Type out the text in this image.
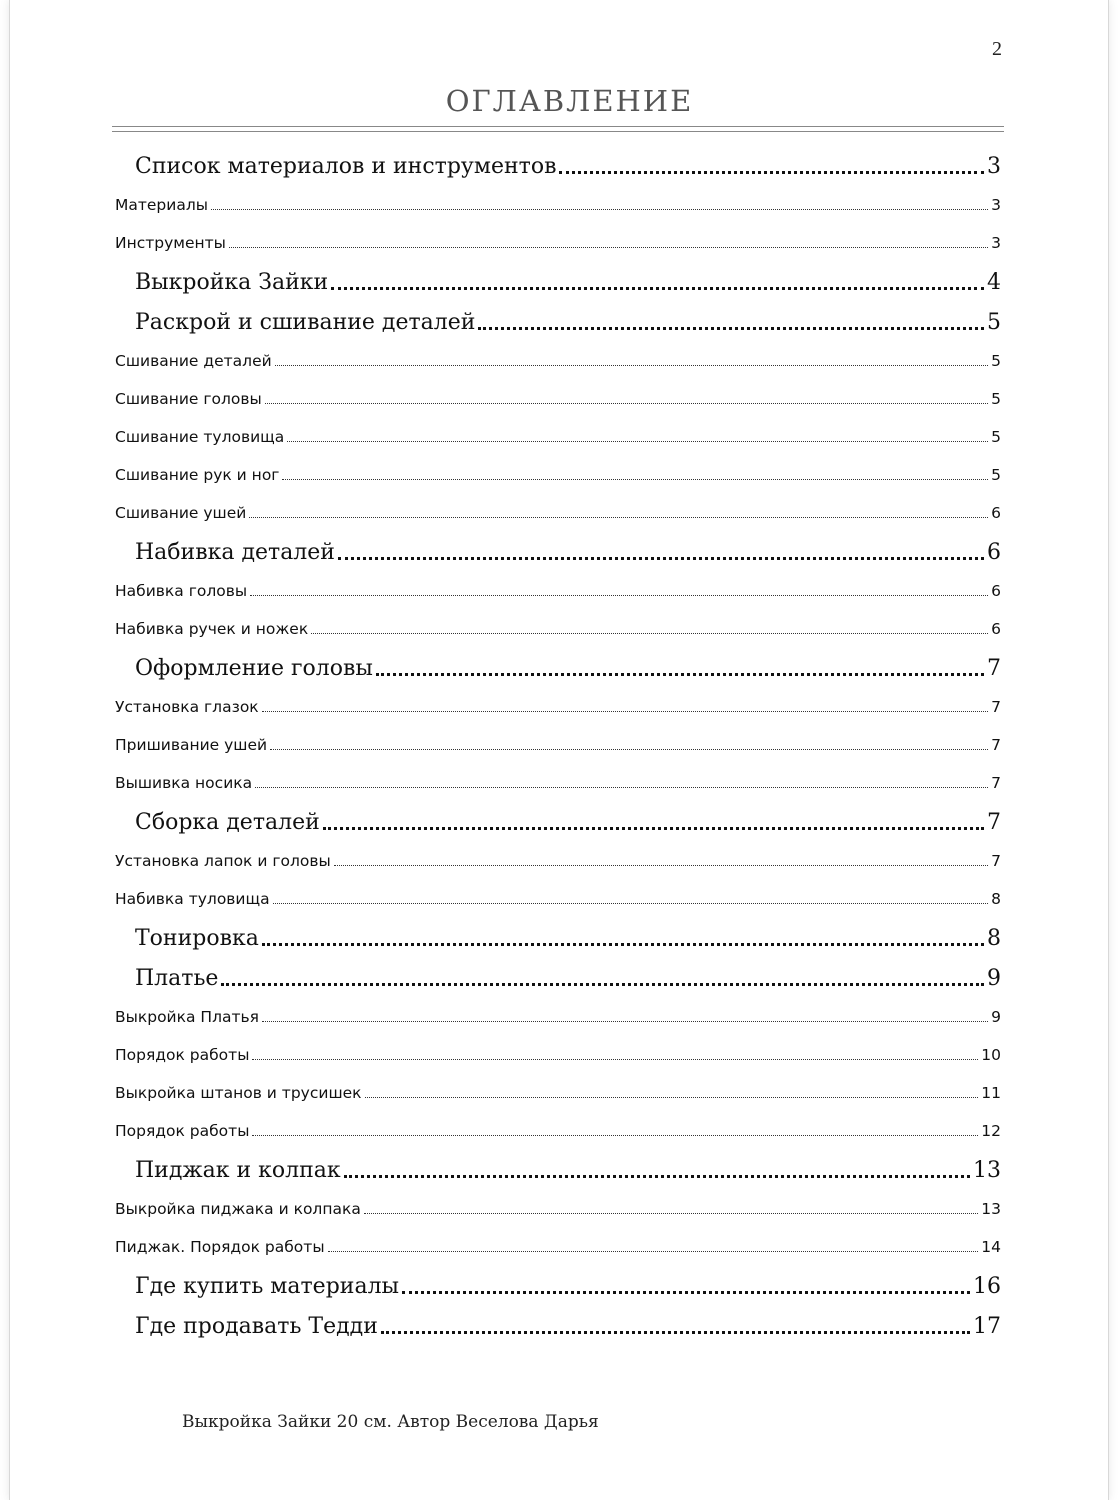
2
ОГЛАВЛЕНИЕ
Список материалов и инструментов	3
Материалы	3
Инструменты	3
Выкройка Зайки	4
Раскрой и сшивание деталей	5
Сшивание деталей	5
Сшивание головы	5
Сшивание туловища	5
Сшивание рук и ног	5
Сшивание ушей	6
Набивка деталей	6
Набивка головы	6
Набивка ручек и ножек	6
Оформление головы	7
Установка глазок	7
Пришивание ушей	7
Вышивка носика	7
Сборка деталей	7
Установка лапок и головы	7
Набивка туловища	8
Тонировка	8
Платье	9
Выкройка Платья	9
Порядок работы	10
Выкройка штанов и трусишек	11
Порядок работы	12
Пиджак и колпак	13
Выкройка пиджака и колпака	13
Пиджак. Порядок работы	14
Где купить материалы	16
Где продавать Тедди	17
Выкройка Зайки 20 см. Автор Веселова Дарья
